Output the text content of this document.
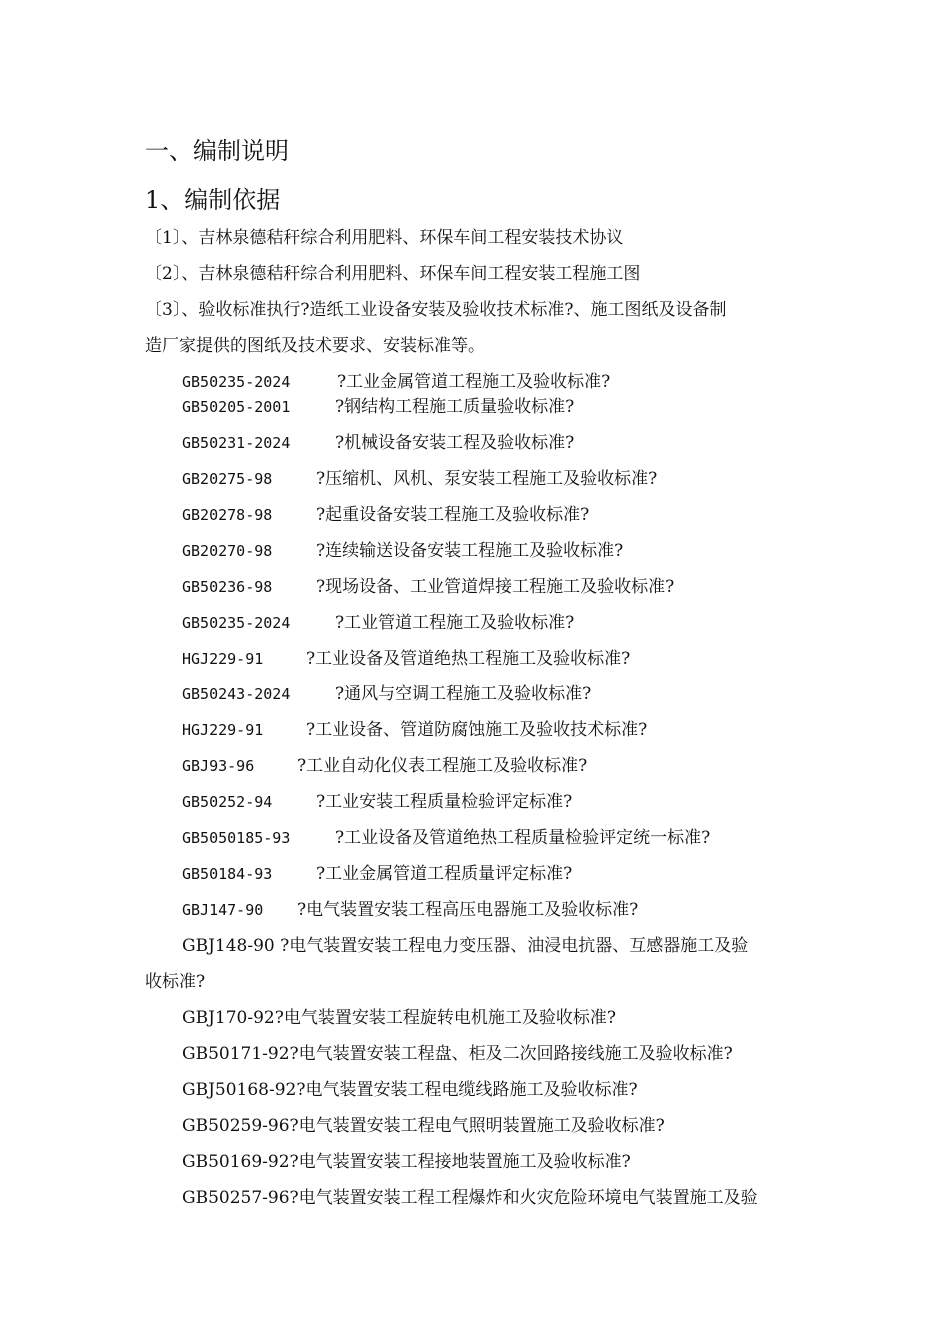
一、编制说明
1、编制依据
〔1〕、吉林泉德秸秆综合利用肥料、环保车间工程安装技术协议
〔2〕、吉林泉德秸秆综合利用肥料、环保车间工程安装工程施工图
〔3〕、验收标准执行?造纸工业设备安装及验收技术标准?、施工图纸及设备制
造厂家提供的图纸及技术要求、安装标准等。
GB50235-2024	?工业金属管道工程施工及验收标准?
GB50205-2001	?钢结构工程施工质量验收标准?
GB50231-2024	?机械设备安装工程及验收标准?
GB20275-98	?压缩机、风机、泵安装工程施工及验收标准?
GB20278-98	?起重设备安装工程施工及验收标准?
GB20270-98	?连续输送设备安装工程施工及验收标准?
GB50236-98	?现场设备、工业管道焊接工程施工及验收标准?
GB50235-2024	?工业管道工程施工及验收标准?
HGJ229-91	?工业设备及管道绝热工程施工及验收标准?
GB50243-2024	?通风与空调工程施工及验收标准?
HGJ229-91	?工业设备、管道防腐蚀施工及验收技术标准?
GBJ93-96	?工业自动化仪表工程施工及验收标准?
GB50252-94	?工业安装工程质量检验评定标准?
GB5050185-93	?工业设备及管道绝热工程质量检验评定统一标准?
GB50184-93	?工业金属管道工程质量评定标准?
GBJ147-90 ?电气装置安装工程高压电器施工及验收标准?
GBJ148-90 ?电气装置安装工程电力变压器、油浸电抗器、互感器施工及验
收标准?
GBJ170-92?电气装置安装工程旋转电机施工及验收标准?
GB50171-92?电气装置安装工程盘、柜及二次回路接线施工及验收标准?
GBJ50168-92?电气装置安装工程电缆线路施工及验收标准?
GB50259-96?电气装置安装工程电气照明装置施工及验收标准?
GB50169-92?电气装置安装工程接地装置施工及验收标准?
GB50257-96?电气装置安装工程工程爆炸和火灾危险环境电气装置施工及验
